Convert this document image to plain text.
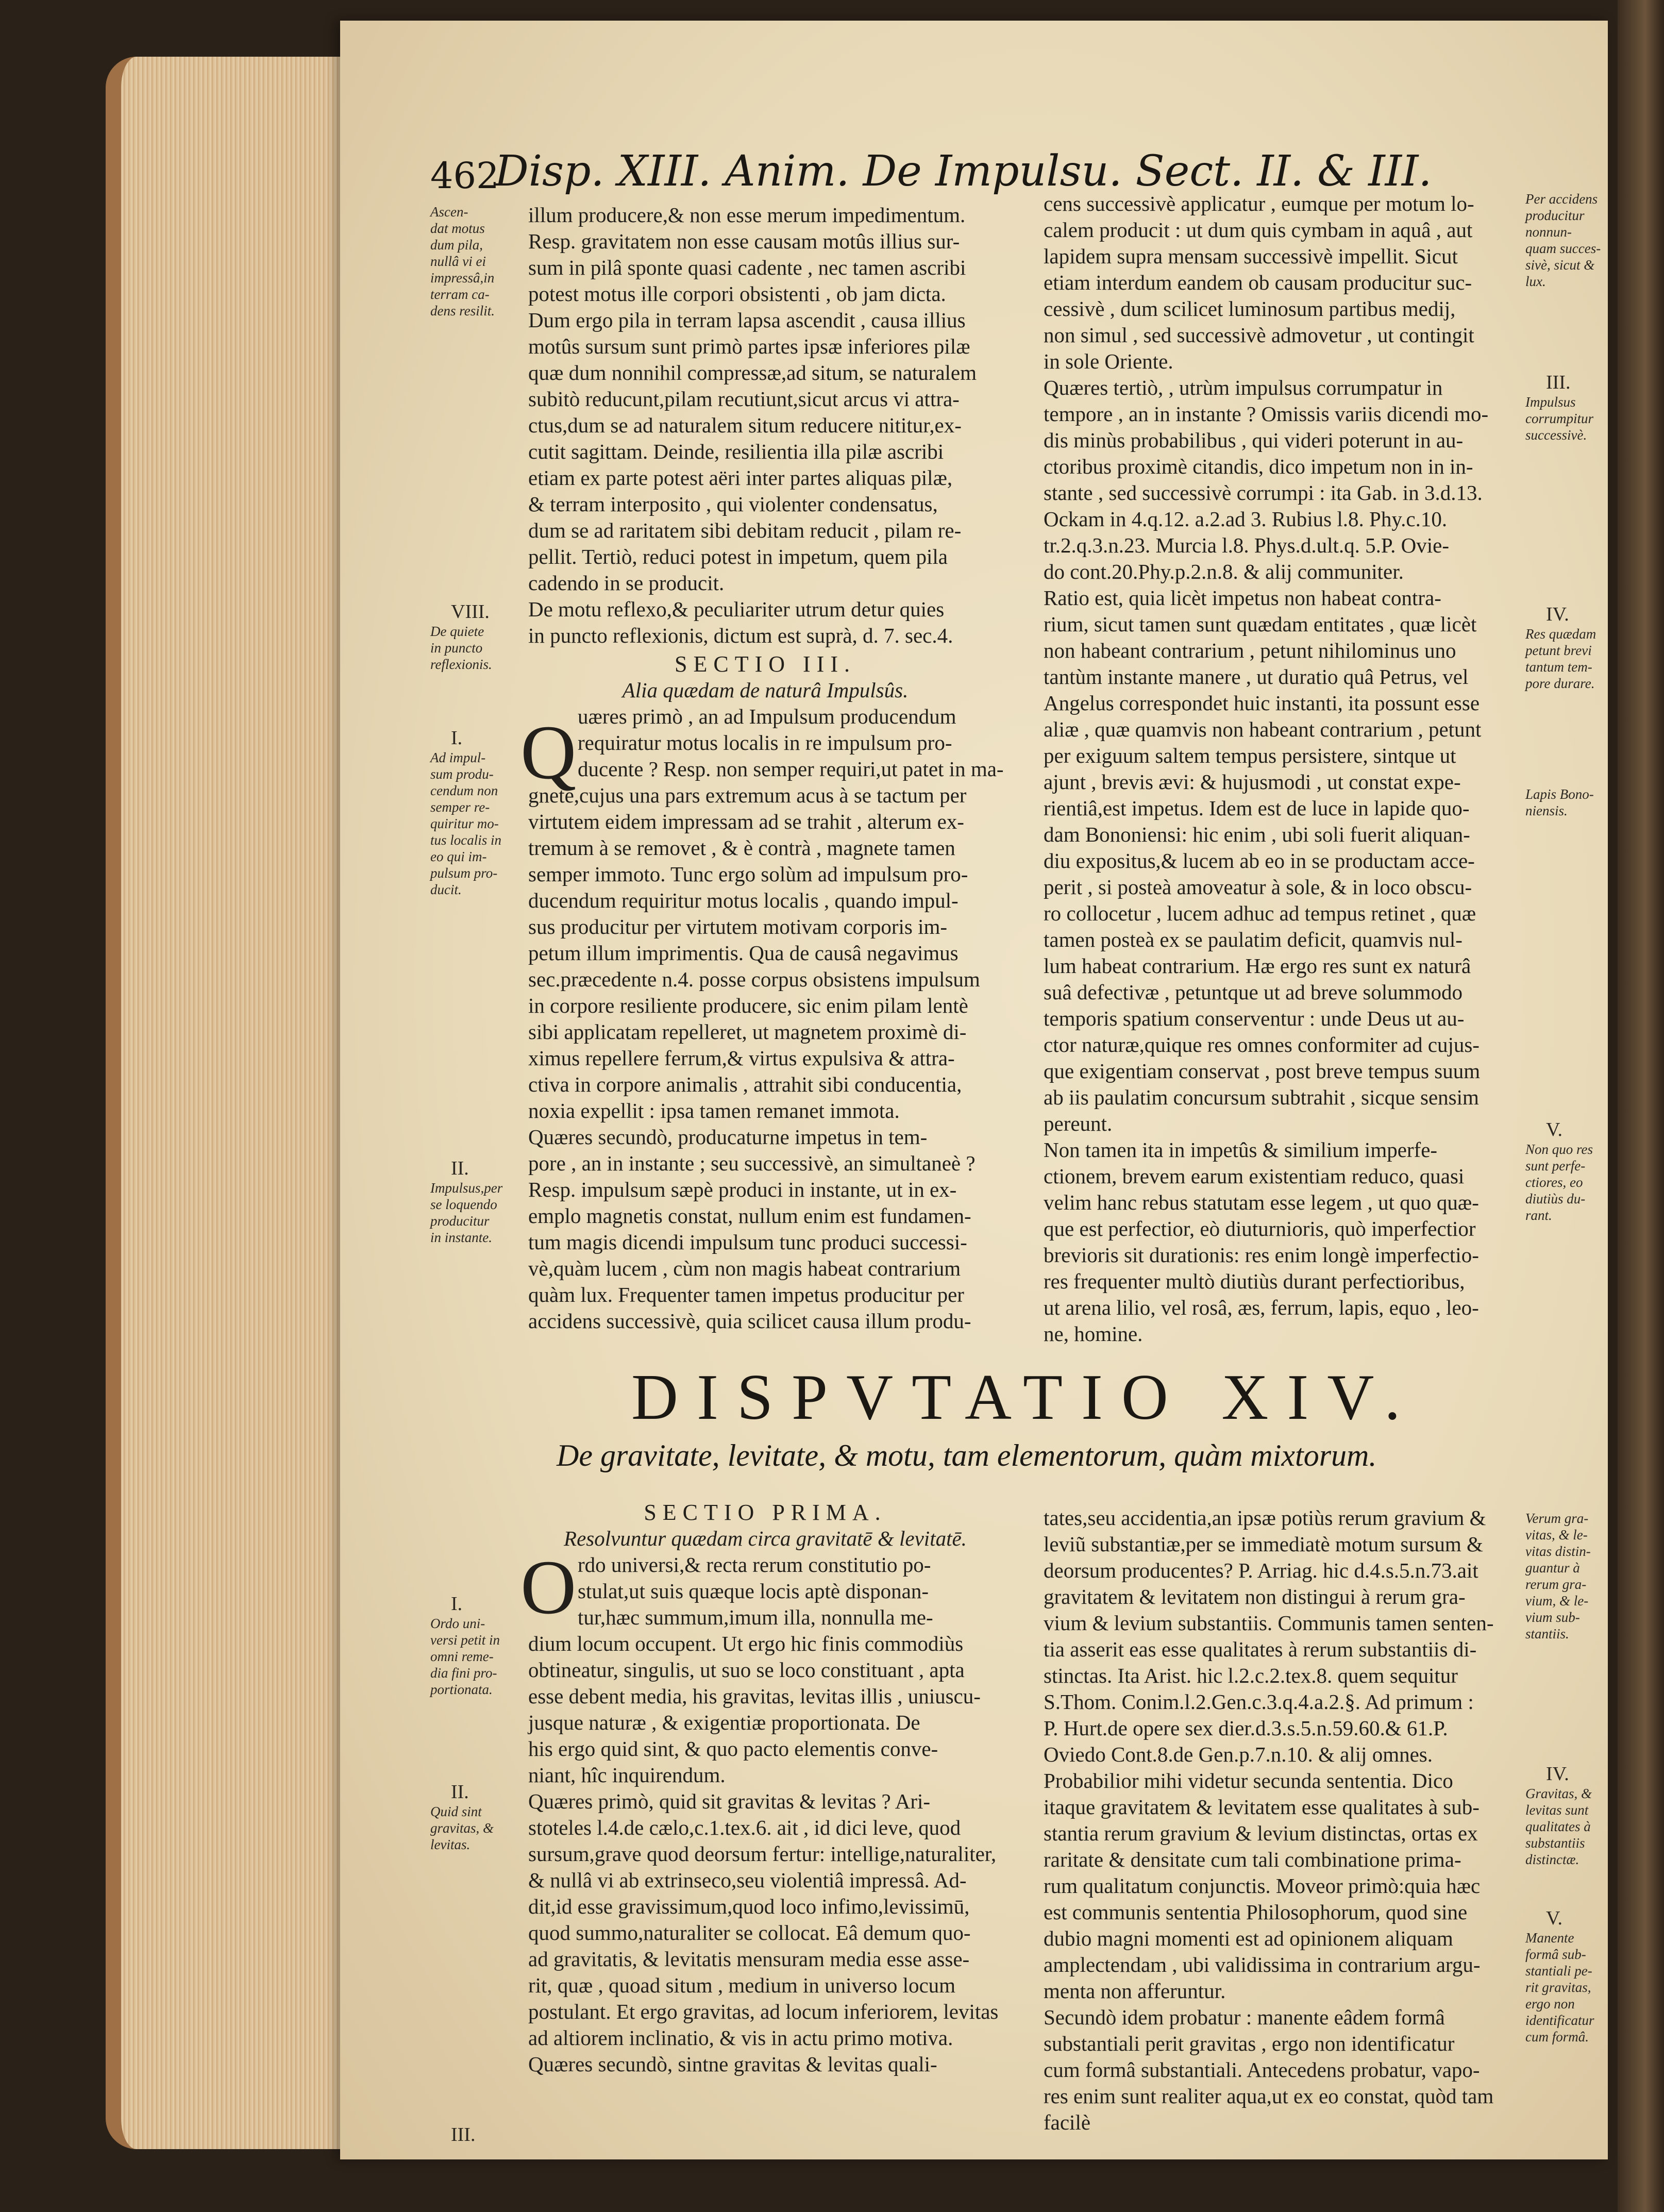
462
Disp. XIII. Anim. De Impulsu. Sect. II. & III.

illum producere,& non esse merum impedimentum.

Resp. gravitatem non esse causam motûs illius sur-

sum in pilâ sponte quasi cadente , nec tamen ascribi

potest motus ille corpori obsistenti , ob jam dicta.

Dum ergo pila in terram lapsa ascendit , causa illius

motûs sursum sunt primò partes ipsæ inferiores pilæ

quæ dum nonnihil compressæ,ad situm, se naturalem

subitò reducunt,pilam recutiunt,sicut arcus vi attra-

ctus,dum se ad naturalem situm reducere nititur,ex-

cutit sagittam. Deinde, resilientia illa pilæ ascribi

etiam ex parte potest aëri inter partes aliquas pilæ,

& terram interposito , qui violenter condensatus,

dum se ad raritatem sibi debitam reducit , pilam re-

pellit. Tertiò, reduci potest in impetum, quem pila

cadendo in se producit.

De motu reflexo,& peculiariter utrum detur quies

in puncto reflexionis, dictum est suprà, d. 7. sec.4.

SECTIO III.

Alia quædam de naturâ Impulsûs.

uæres primò , an ad Impulsum producendum

requiratur motus localis in re impulsum pro-

ducente ? Resp. non semper requiri,ut patet in ma-

gnete,cujus una pars extremum acus à se tactum per

virtutem eidem impressam ad se trahit , alterum ex-

tremum à se removet , & è contrà , magnete tamen

semper immoto. Tunc ergo solùm ad impulsum pro-

ducendum requiritur motus localis , quando impul-

sus producitur per virtutem motivam corporis im-

petum illum imprimentis. Qua de causâ negavimus

sec.præcedente n.4. posse corpus obsistens impulsum

in corpore resiliente producere, sic enim pilam lentè

sibi applicatam repelleret, ut magnetem proximè di-

ximus repellere ferrum,& virtus expulsiva & attra-

ctiva in corpore animalis , attrahit sibi conducentia,

noxia expellit : ipsa tamen remanet immota.

Quæres secundò, producaturne impetus in tem-

pore , an in instante ; seu successivè, an simultaneè ?

Resp. impulsum sæpè produci in instante, ut in ex-

emplo magnetis constat, nullum enim est fundamen-

tum magis dicendi impulsum tunc produci successi-

vè,quàm lucem , cùm non magis habeat contrarium

quàm lux. Frequenter tamen impetus producitur per

accidens successivè, quia scilicet causa illum produ-

Q

cens successivè applicatur , eumque per motum lo-

calem producit : ut dum quis cymbam in aquâ , aut

lapidem supra mensam successivè impellit. Sicut

etiam interdum eandem ob causam producitur suc-

cessivè , dum scilicet luminosum partibus medij,

non simul , sed successivè admovetur , ut contingit

in sole Oriente.

Quæres tertiò, , utrùm impulsus corrumpatur in

tempore , an in instante ? Omissis variis dicendi mo-

dis minùs probabilibus , qui videri poterunt in au-

ctoribus proximè citandis, dico impetum non in in-

stante , sed successivè corrumpi : ita Gab. in 3.d.13.

Ockam in 4.q.12. a.2.ad 3. Rubius l.8. Phy.c.10.

tr.2.q.3.n.23. Murcia l.8. Phys.d.ult.q. 5.P. Ovie-

do cont.20.Phy.p.2.n.8. & alij communiter.

Ratio est, quia licèt impetus non habeat contra-

rium, sicut tamen sunt quædam entitates , quæ licèt

non habeant contrarium , petunt nihilominus uno

tantùm instante manere , ut duratio quâ Petrus, vel

Angelus correspondet huic instanti, ita possunt esse

aliæ , quæ quamvis non habeant contrarium , petunt

per exiguum saltem tempus persistere, sintque ut

ajunt , brevis ævi: & hujusmodi , ut constat expe-

rientiâ,est impetus. Idem est de luce in lapide quo-

dam Bononiensi: hic enim , ubi soli fuerit aliquan-

diu expositus,& lucem ab eo in se productam acce-

perit , si posteà amoveatur à sole, & in loco obscu-

ro collocetur , lucem adhuc ad tempus retinet , quæ

tamen posteà ex se paulatim deficit, quamvis nul-

lum habeat contrarium. Hæ ergo res sunt ex naturâ

suâ defectivæ , petuntque ut ad breve solummodo

temporis spatium conserventur : unde Deus ut au-

ctor naturæ,quique res omnes conformiter ad cujus-

que exigentiam conservat , post breve tempus suum

ab iis paulatim concursum subtrahit , sicque sensim

pereunt.

Non tamen ita in impetûs & similium imperfe-

ctionem, brevem earum existentiam reduco, quasi

velim hanc rebus statutam esse legem , ut quo quæ-

que est perfectior, eò diuturnioris, quò imperfectior

brevioris sit durationis: res enim longè imperfectio-

res frequenter multò diutiùs durant perfectioribus,

ut arena lilio, vel rosâ, æs, ferrum, lapis, equo , leo-

ne, homine.

DISPVTATIO XIV.
De gravitate, levitate, & motu, tam elementorum, quàm mixtorum.

SECTIO PRIMA.

Resolvuntur quædam circa gravitatē & levitatē.

rdo universi,& recta rerum constitutio po-

stulat,ut suis quæque locis aptè disponan-

tur,hæc summum,imum illa, nonnulla me-

dium locum occupent. Ut ergo hic finis commodiùs

obtineatur, singulis, ut suo se loco constituant , apta

esse debent media, his gravitas, levitas illis , uniuscu-

jusque naturæ , & exigentiæ proportionata. De

his ergo quid sint, & quo pacto elementis conve-

niant, hîc inquirendum.

Quæres primò, quid sit gravitas & levitas ? Ari-

stoteles l.4.de cælo,c.1.tex.6. ait , id dici leve, quod

sursum,grave quod deorsum fertur: intellige,naturaliter,

& nullâ vi ab extrinseco,seu violentiâ impressâ. Ad-

dit,id esse gravissimum,quod loco infimo,levissimū,

quod summo,naturaliter se collocat. Eâ demum quo-

ad gravitatis, & levitatis mensuram media esse asse-

rit, quæ , quoad situm , medium in universo locum

postulant. Et ergo gravitas, ad locum inferiorem, levitas

ad altiorem inclinatio, & vis in actu primo motiva.

Quæres secundò, sintne gravitas & levitas quali-

O

tates,seu accidentia,an ipsæ potiùs rerum gravium &

leviũ substantiæ,per se immediatè motum sursum &

deorsum producentes? P. Arriag. hic d.4.s.5.n.73.ait

gravitatem & levitatem non distingui à rerum gra-

vium & levium substantiis. Communis tamen senten-

tia asserit eas esse qualitates à rerum substantiis di-

stinctas. Ita Arist. hic l.2.c.2.tex.8. quem sequitur

S.Thom. Conim.l.2.Gen.c.3.q.4.a.2.§. Ad primum :

P. Hurt.de opere sex dier.d.3.s.5.n.59.60.& 61.P.

Oviedo Cont.8.de Gen.p.7.n.10. & alij omnes.

Probabilior mihi videtur secunda sententia. Dico

itaque gravitatem & levitatem esse qualitates à sub-

stantia rerum gravium & levium distinctas, ortas ex

raritate & densitate cum tali combinatione prima-

rum qualitatum conjunctis. Moveor primò:quia hæc

est communis sententia Philosophorum, quod sine

dubio magni momenti est ad opinionem aliquam

amplectendam , ubi validissima in contrarium argu-

menta non afferuntur.

Secundò idem probatur : manente eâdem formâ

substantiali perit gravitas , ergo non identificatur

cum formâ substantiali. Antecedens probatur, vapo-

res enim sunt realiter aqua,ut ex eo constat, quòd tam

facilè

Ascen-
dat motus
dum pila,
nullâ vi ei
impressâ,in
terram ca-
dens resilit.
VIII.
De quiete
in puncto
reflexionis.
I.
Ad impul-
sum produ-
cendum non
semper re-
quiritur mo-
tus localis in
eo qui im-
pulsum pro-
ducit.
II.
Impulsus,per
se loquendo
producitur
in instante.
I.
Ordo uni-
versi petit in
omni reme-
dia fini pro-
portionata.
II.
Quid sint
gravitas, &
levitas.
III.
Per accidens
producitur
nonnun-
quam succes-
sivè, sicut &
lux.
III.
Impulsus
corrumpitur
successivè.
IV.
Res quædam
petunt brevi
tantum tem-
pore durare.
Lapis Bono-
niensis.
V.
Non quo res
sunt perfe-
ctiores, eo
diutiùs du-
rant.
Verum gra-
vitas, & le-
vitas distin-
guantur à
rerum gra-
vium, & le-
vium sub-
stantiis.
IV.
Gravitas, &
levitas sunt
qualitates à
substantiis
distinctæ.
V.
Manente
formâ sub-
stantiali pe-
rit gravitas,
ergo non
identificatur
cum formâ.
